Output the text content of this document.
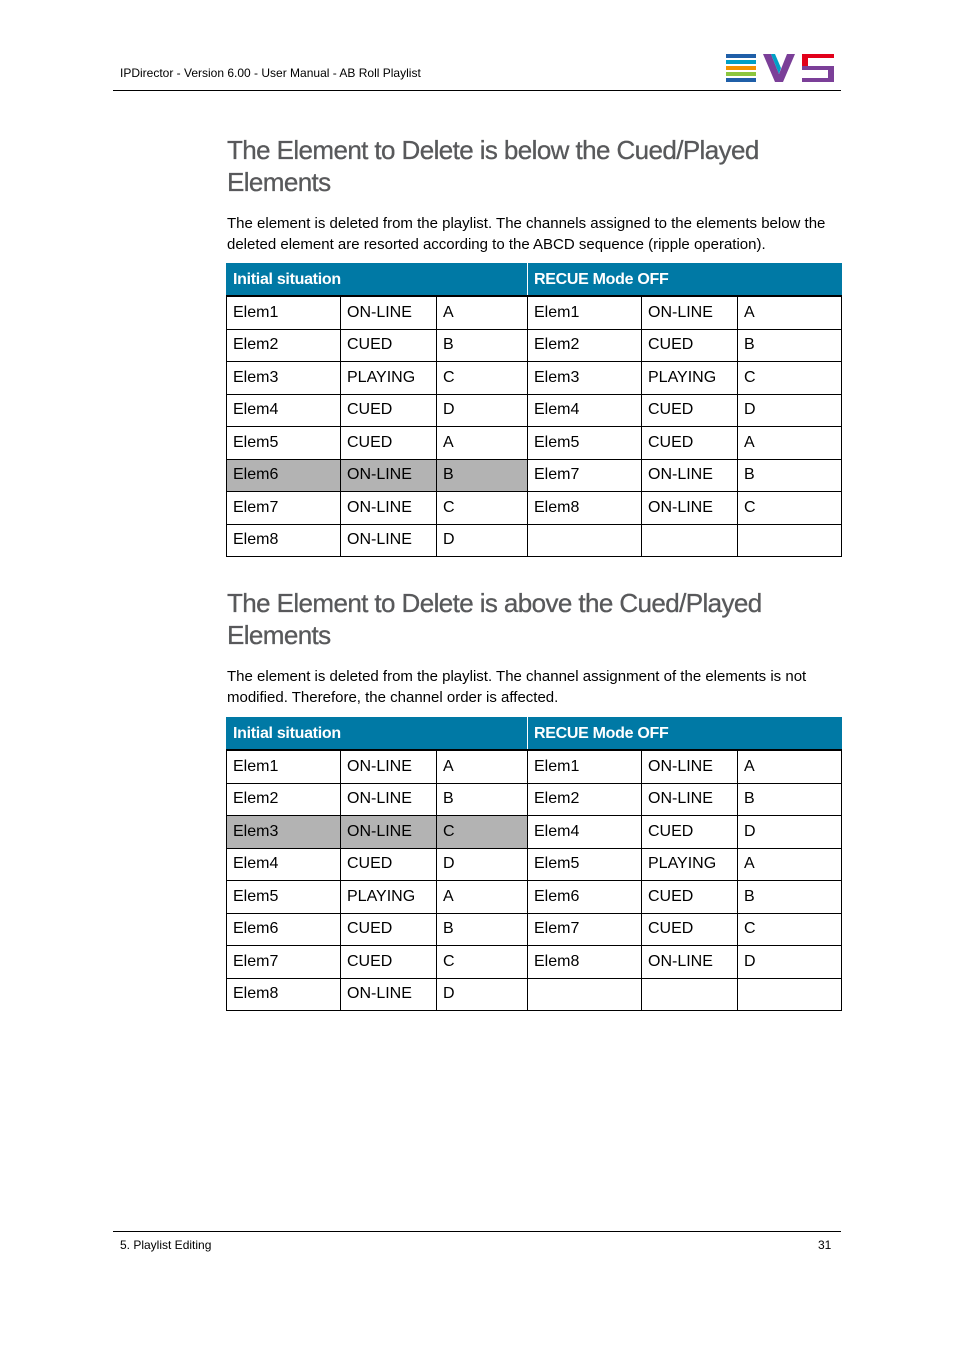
IPDirector - Version 6.00 - User Manual - AB Roll Playlist
The Element to Delete is below the Cued/Played Elements

The element is deleted from the playlist. The channels assigned to the elements below the deleted element are resorted according to the ABCD sequence (ripple operation).

Initial situation			RECUE Mode OFF		
Elem1	ON-LINE	A	Elem1	ON-LINE	A
Elem2	CUED	B	Elem2	CUED	B
Elem3	PLAYING	C	Elem3	PLAYING	C
Elem4	CUED	D	Elem4	CUED	D
Elem5	CUED	A	Elem5	CUED	A
Elem6	ON-LINE	B	Elem7	ON-LINE	B
Elem7	ON-LINE	C	Elem8	ON-LINE	C
Elem8	ON-LINE	D			
The Element to Delete is above the Cued/Played Elements

The element is deleted from the playlist. The channel assignment of the elements is not modified. Therefore, the channel order is affected.

Initial situation			RECUE Mode OFF		
Elem1	ON-LINE	A	Elem1	ON-LINE	A
Elem2	ON-LINE	B	Elem2	ON-LINE	B
Elem3	ON-LINE	C	Elem4	CUED	D
Elem4	CUED	D	Elem5	PLAYING	A
Elem5	PLAYING	A	Elem6	CUED	B
Elem6	CUED	B	Elem7	CUED	C
Elem7	CUED	C	Elem8	ON-LINE	D
Elem8	ON-LINE	D			
5. Playlist Editing	31
